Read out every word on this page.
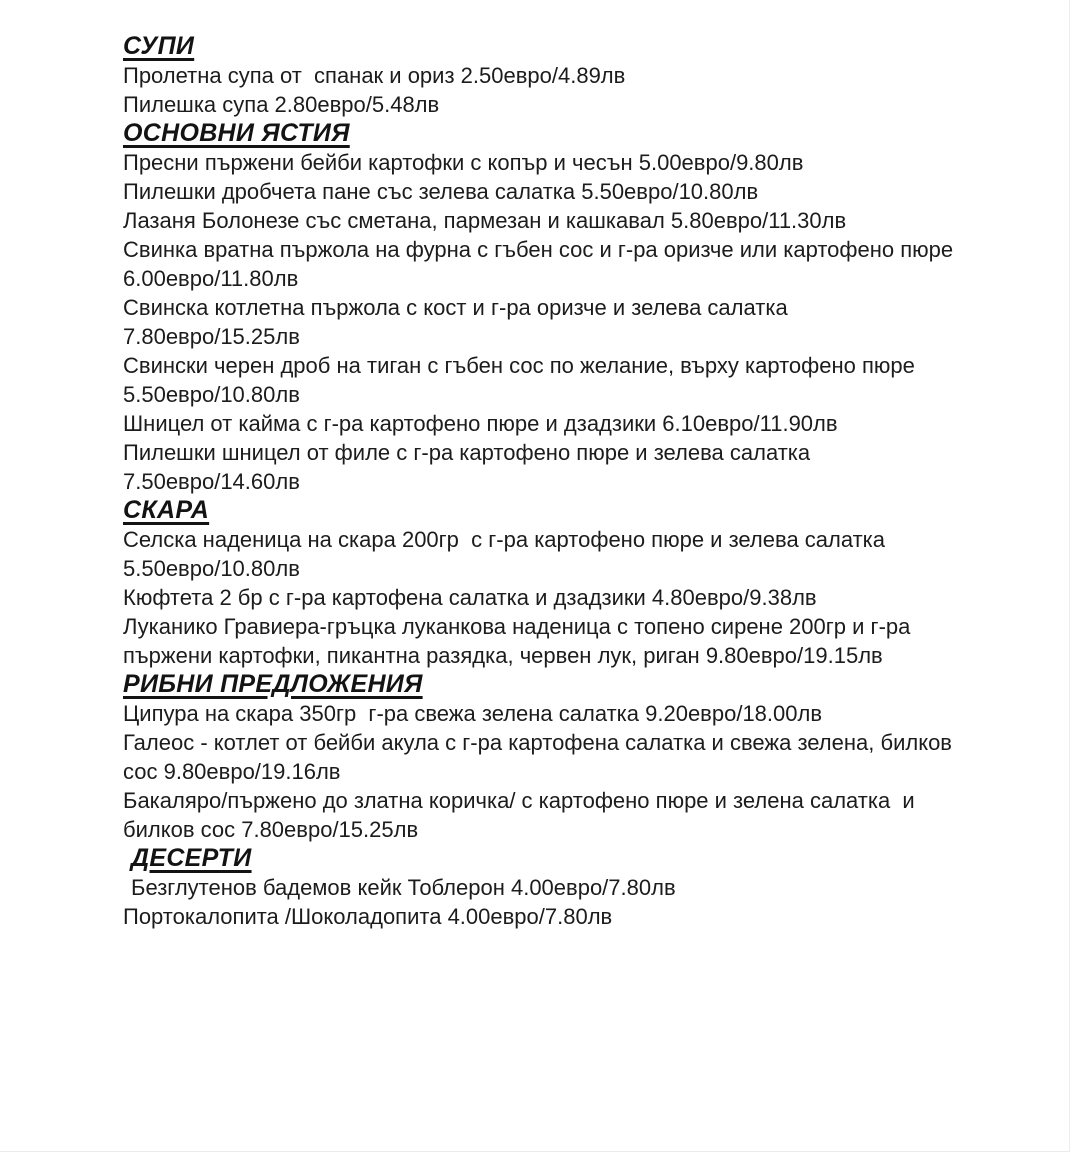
СУПИ
Пролетна супа от  спанак и ориз 2.50евро/4.89лв
Пилешка супа 2.80евро/5.48лв
ОСНОВНИ ЯСТИЯ
Пресни пържени бейби картофки с копър и чесън 5.00евро/9.80лв
Пилешки дробчета пане със зелева салатка 5.50евро/10.80лв
Лазаня Болонезе със сметана, пармезан и кашкавал 5.80евро/11.30лв
Свинка вратна пържола на фурна с гъбен сос и г-ра оризче или картофено пюре 6.00евро/11.80лв
Свинска котлетна пържола с кост и г-ра оризче и зелева салатка 7.80евро/15.25лв
Свински черен дроб на тиган с гъбен сос по желание, върху картофено пюре 5.50евро/10.80лв
Шницел от кайма с г-ра картофено пюре и дзадзики 6.10евро/11.90лв
Пилешки шницел от филе с г-ра картофено пюре и зелева салатка 7.50евро/14.60лв
СКАРА
Селска наденица на скара 200гр  с г-ра картофено пюре и зелева салатка 5.50евро/10.80лв
Кюфтета 2 бр с г-ра картофена салатка и дзадзики 4.80евро/9.38лв
Луканико Гравиера-гръцка луканкова наденица с топено сирене 200гр и г-ра пържени картофки, пикантна разядка, червен лук, риган 9.80евро/19.15лв
РИБНИ ПРЕДЛОЖЕНИЯ
Ципура на скара 350гр  г-ра свежа зелена салатка 9.20евро/18.00лв
Галеос - котлет от бейби акула с г-ра картофена салатка и свежа зелена, билков сос 9.80евро/19.16лв
Бакаляро/пържено до златна коричка/ с картофено пюре и зелена салатка  и билков сос 7.80евро/15.25лв
ДЕСЕРТИ
Безглутенов бадемов кейк Тоблерон 4.00евро/7.80лв
Портокалопита /Шоколадопита 4.00евро/7.80лв
